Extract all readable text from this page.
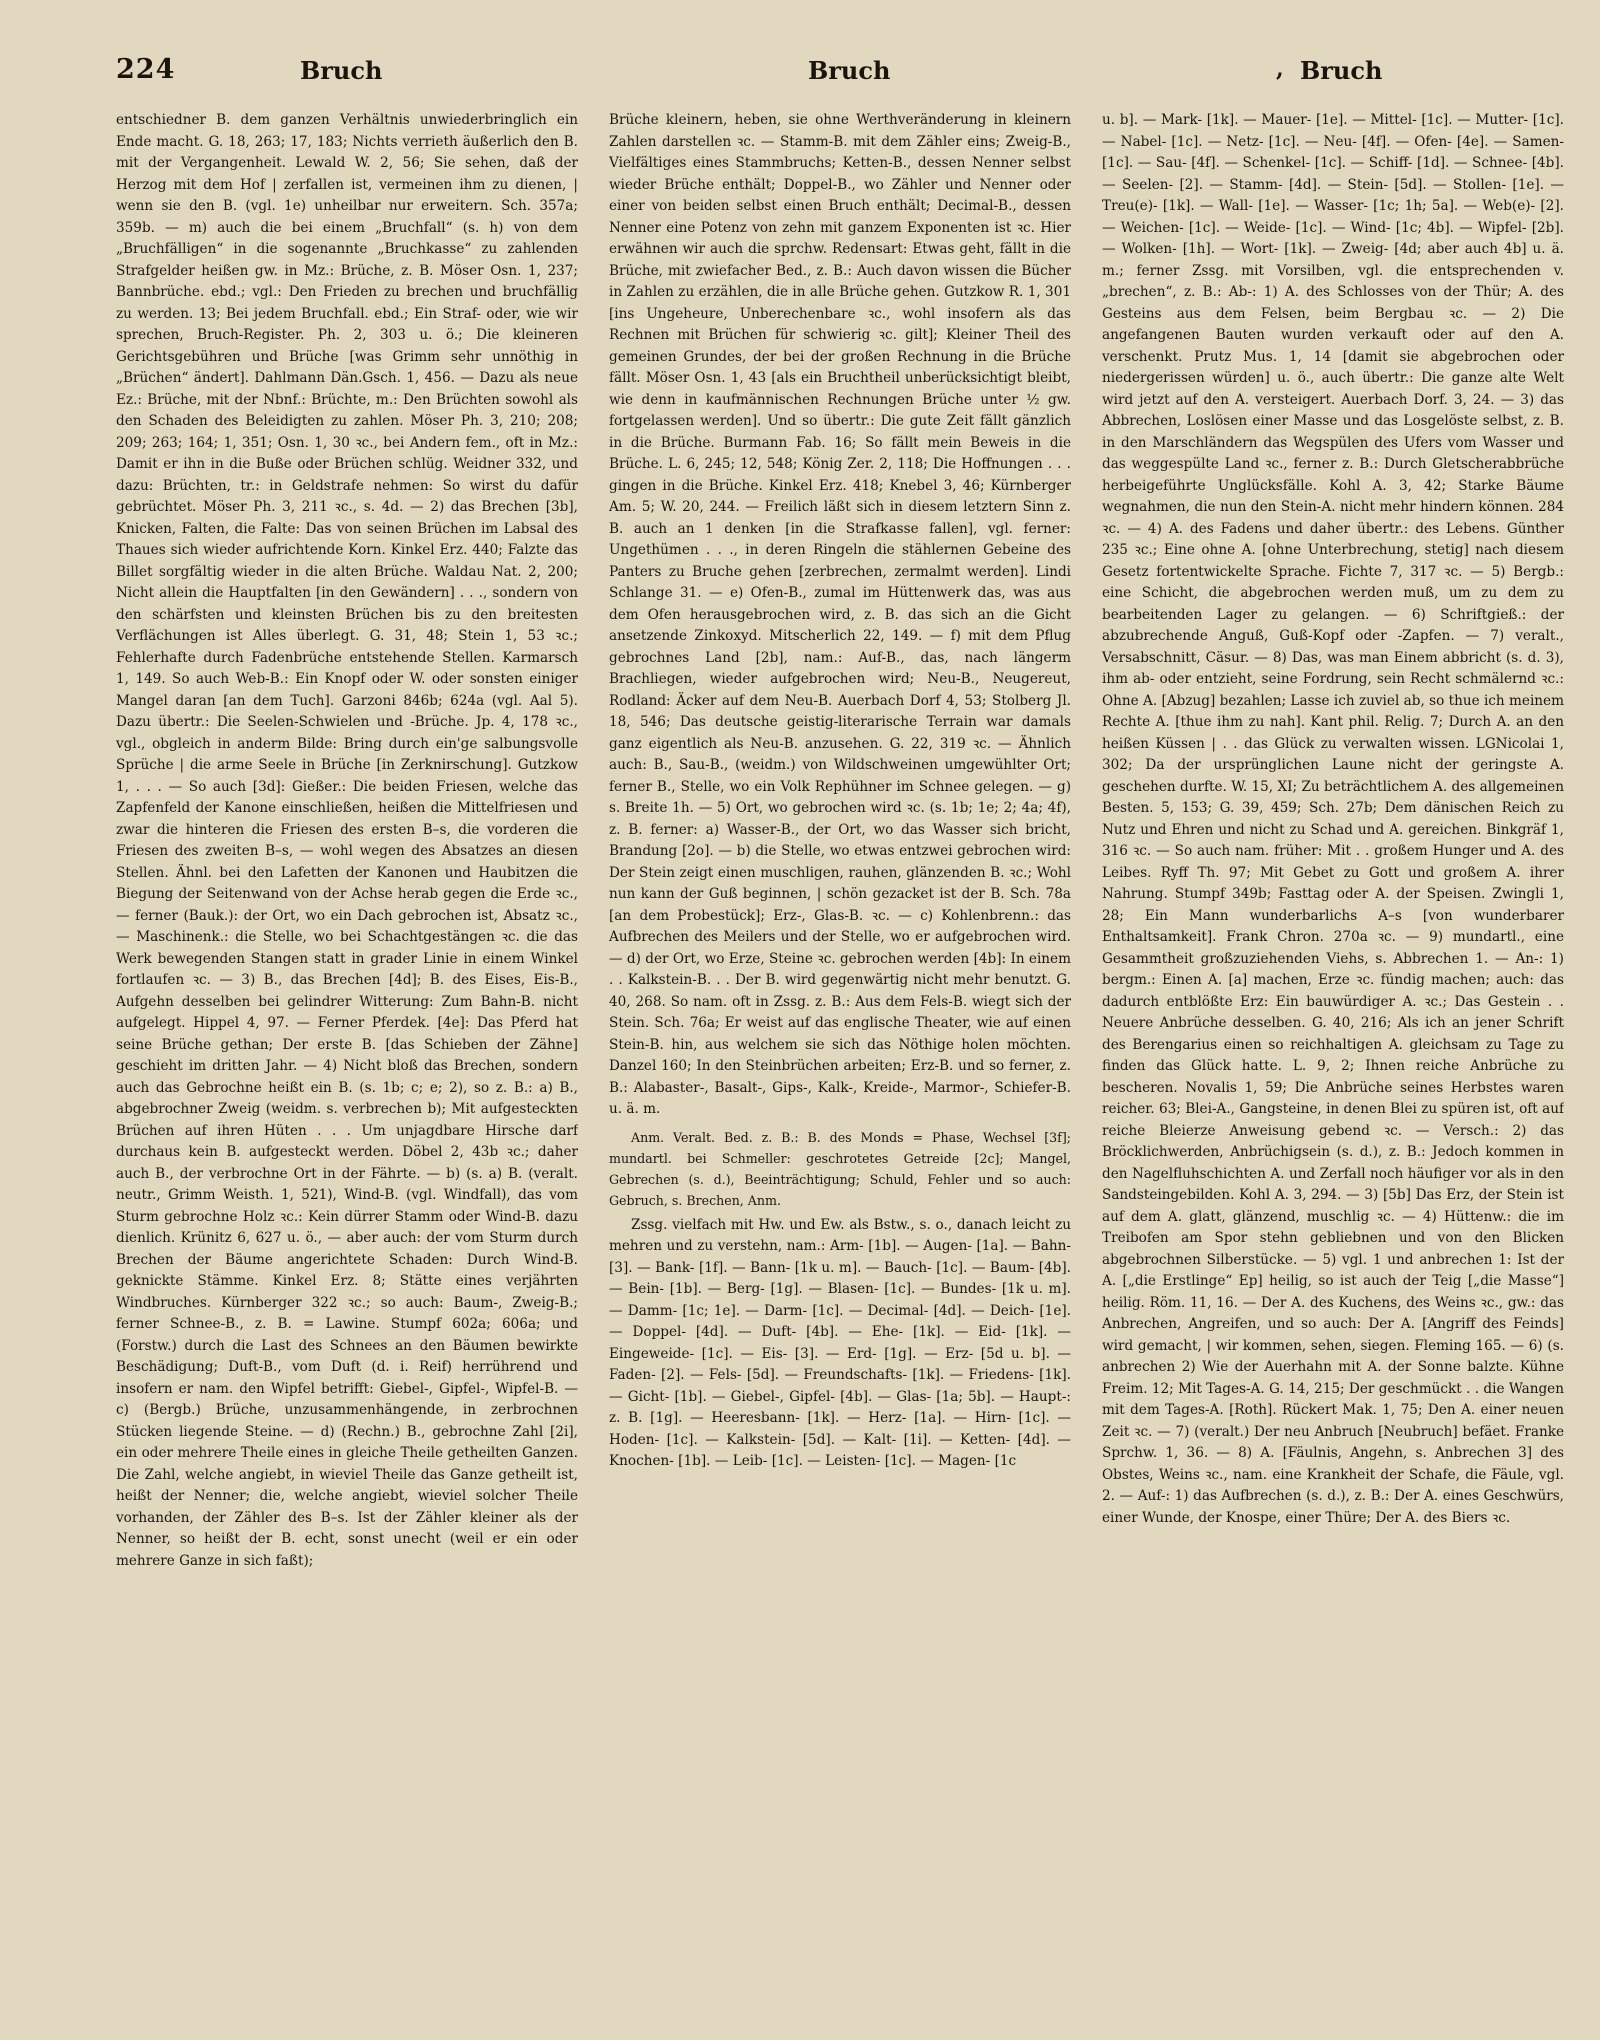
224	Bruch	Bruch	, Bruch

entschiedner B. dem ganzen Verhältnis unwiederbringlich ein Ende macht. G. 18, 263; 17, 183; Nichts verrieth äußerlich den B. mit der Vergangenheit. Lewald W. 2, 56; Sie sehen, daß der Herzog mit dem Hof | zerfallen ist, vermeinen ihm zu dienen, | wenn sie den B. (vgl. 1e) unheilbar nur erweitern. Sch. 357a; 359b. — m) auch die bei einem „Bruchfall“ (s. h) von dem „Bruchfälligen“ in die sogenannte „Bruchkasse“ zu zahlenden Strafgelder heißen gw. in Mz.: Brüche, z. B. Möser Osn. 1, 237; Bannbrüche. ebd.; vgl.: Den Frieden zu brechen und bruchfällig zu werden. 13; Bei jedem Bruchfall. ebd.; Ein Straf- oder, wie wir sprechen, Bruch-Register. Ph. 2, 303 u. ö.; Die kleineren Gerichtsgebühren und Brüche [was Grimm sehr unnöthig in „Brüchen“ ändert]. Dahlmann Dän.Gsch. 1, 456. — Dazu als neue Ez.: Brüche, mit der Nbnf.: Brüchte, m.: Den Brüchten sowohl als den Schaden des Beleidigten zu zahlen. Möser Ph. 3, 210; 208; 209; 263; 164; 1, 351; Osn. 1, 30 ꝛc., bei Andern fem., oft in Mz.: Damit er ihn in die Buße oder Brüchen schlüg. Weidner 332, und dazu: Brüchten, tr.: in Geldstrafe nehmen: So wirst du dafür gebrüchtet. Möser Ph. 3, 211 ꝛc., s. 4d. — 2) das Brechen [3b], Knicken, Falten, die Falte: Das von seinen Brüchen im Labsal des Thaues sich wieder aufrichtende Korn. Kinkel Erz. 440; Falzte das Billet sorgfältig wieder in die alten Brüche. Waldau Nat. 2, 200; Nicht allein die Hauptfalten [in den Gewändern] . . ., sondern von den schärfsten und kleinsten Brüchen bis zu den breitesten Verflächungen ist Alles überlegt. G. 31, 48; Stein 1, 53 ꝛc.; Fehlerhafte durch Fadenbrüche entstehende Stellen. Karmarsch 1, 149. So auch Web-B.: Ein Knopf oder W. oder sonsten einiger Mangel daran [an dem Tuch]. Garzoni 846b; 624a (vgl. Aal 5). Dazu übertr.: Die Seelen-Schwielen und -Brüche. Jp. 4, 178 ꝛc., vgl., obgleich in anderm Bilde: Bring durch ein'ge salbungsvolle Sprüche | die arme Seele in Brüche [in Zerknirschung]. Gutzkow 1, . . . — So auch [3d]: Gießer.: Die beiden Friesen, welche das Zapfenfeld der Kanone einschließen, heißen die Mittelfriesen und zwar die hinteren die Friesen des ersten B–s, die vorderen die Friesen des zweiten B–s, — wohl wegen des Absatzes an diesen Stellen. Ähnl. bei den Lafetten der Kanonen und Haubitzen die Biegung der Seitenwand von der Achse herab gegen die Erde ꝛc., — ferner (Bauk.): der Ort, wo ein Dach gebrochen ist, Absatz ꝛc., — Maschinenk.: die Stelle, wo bei Schachtgestängen ꝛc. die das Werk bewegenden Stangen statt in grader Linie in einem Winkel fortlaufen ꝛc. — 3) B., das Brechen [4d]; B. des Eises, Eis-B., Aufgehn desselben bei gelindrer Witterung: Zum Bahn-B. nicht aufgelegt. Hippel 4, 97. — Ferner Pferdek. [4e]: Das Pferd hat seine Brüche gethan; Der erste B. [das Schieben der Zähne] geschieht im dritten Jahr. — 4) Nicht bloß das Brechen, sondern auch das Gebrochne heißt ein B. (s. 1b; c; e; 2), so z. B.: a) B., abgebrochner Zweig (weidm. s. verbrechen b); Mit aufgesteckten Brüchen auf ihren Hüten . . . Um unjagdbare Hirsche darf durchaus kein B. aufgesteckt werden. Döbel 2, 43b ꝛc.; daher auch B., der verbrochne Ort in der Fährte. — b) (s. a) B. (veralt. neutr., Grimm Weisth. 1, 521), Wind-B. (vgl. Windfall), das vom Sturm gebrochne Holz ꝛc.: Kein dürrer Stamm oder Wind-B. dazu dienlich. Krünitz 6, 627 u. ö., — aber auch: der vom Sturm durch Brechen der Bäume angerichtete Schaden: Durch Wind-B. geknickte Stämme. Kinkel Erz. 8; Stätte eines verjährten Windbruches. Kürnberger 322 ꝛc.; so auch: Baum-, Zweig-B.; ferner Schnee-B., z. B. = Lawine. Stumpf 602a; 606a; und (Forstw.) durch die Last des Schneeѕ an den Bäumen bewirkte Beschädigung; Duft-B., vom Duft (d. i. Reif) herrührend und insofern er nam. den Wipfel betrifft: Giebel-, Gipfel-, Wipfel-B. — c) (Bergb.) Brüche, unzusammenhängende, in zerbrochnen Stücken liegende Steine. — d) (Rechn.) B., gebrochne Zahl [2i], ein oder mehrere Theile eines in gleiche Theile getheilten Ganzen. Die Zahl, welche angiebt, in wieviel Theile das Ganze getheilt ist, heißt der Nenner; die, welche angiebt, wieviel solcher Theile vorhanden, der Zähler des B–s. Ist der Zähler kleiner als der Nenner, so heißt der B. echt, sonst unecht (weil er ein oder mehrere Ganze in sich faßt);

Brüche kleinern, heben, sie ohne Werthveränderung in kleinern Zahlen darstellen ꝛc. — Stamm-B. mit dem Zähler eins; Zweig-B., Vielfältiges eines Stammbruchs; Ketten-B., dessen Nenner selbst wieder Brüche enthält; Doppel-B., wo Zähler und Nenner oder einer von beiden selbst einen Bruch enthält; Decimal-B., dessen Nenner eine Potenz von zehn mit ganzem Exponenten ist ꝛc. Hier erwähnen wir auch die sprchw. Redensart: Etwas geht, fällt in die Brüche, mit zwiefacher Bed., z. B.: Auch davon wissen die Bücher in Zahlen zu erzählen, die in alle Brüche gehen. Gutzkow R. 1, 301 [ins Ungeheure, Unberechenbare ꝛc., wohl insofern als das Rechnen mit Brüchen für schwierig ꝛc. gilt]; Kleiner Theil des gemeinen Grundes, der bei der großen Rechnung in die Brüche fällt. Möser Osn. 1, 43 [als ein Bruchtheil unberücksichtigt bleibt, wie denn in kaufmännischen Rechnungen Brüche unter ½ gw. fortgelassen werden]. Und so übertr.: Die gute Zeit fällt gänzlich in die Brüche. Burmann Fab. 16; So fällt mein Beweis in die Brüche. L. 6, 245; 12, 548; König Zer. 2, 118; Die Hoffnungen . . . gingen in die Brüche. Kinkel Erz. 418; Knebel 3, 46; Kürnberger Am. 5; W. 20, 244. — Freilich läßt sich in diesem letztern Sinn z. B. auch an 1 denken [in die Strafkasse fallen], vgl. ferner: Ungethümen . . ., in deren Ringeln die stählernen Gebeine des Panters zu Bruche gehen [zerbrechen, zermalmt werden]. Lindi Schlange 31. — e) Ofen-B., zumal im Hüttenwerk das, was aus dem Ofen herausgebrochen wird, z. B. das sich an die Gicht ansetzende Zinkoxyd. Mitscherlich 22, 149. — f) mit dem Pflug gebrochnes Land [2b], nam.: Auf-B., das, nach längerm Brachliegen, wieder aufgebrochen wird; Neu-B., Neugereut, Rodland: Äcker auf dem Neu-B. Auerbach Dorf 4, 53; Stolberg Jl. 18, 546; Das deutsche geistig-literarische Terrain war damals ganz eigentlich als Neu-B. anzusehen. G. 22, 319 ꝛc. — Ähnlich auch: B., Sau-B., (weidm.) von Wildschweinen umgewühlter Ort; ferner B., Stelle, wo ein Volk Rephühner im Schnee gelegen. — g) s. Breite 1h. — 5) Ort, wo gebrochen wird ꝛc. (s. 1b; 1e; 2; 4a; 4f), z. B. ferner: a) Wasser-B., der Ort, wo das Wasser sich bricht, Brandung [2o]. — b) die Stelle, wo etwas entzwei gebrochen wird: Der Stein zeigt einen muschligen, rauhen, glänzenden B. ꝛc.; Wohl nun kann der Guß beginnen, | schön gezacket ist der B. Sch. 78a [an dem Probestück]; Erz-, Glas-B. ꝛc. — c) Kohlenbrenn.: das Aufbrechen des Meilers und der Stelle, wo er aufgebrochen wird. — d) der Ort, wo Erze, Steine ꝛc. gebrochen werden [4b]: In einem . . Kalkstein-B. . . Der B. wird gegenwärtig nicht mehr benutzt. G. 40, 268. So nam. oft in Zssg. z. B.: Aus dem Fels-B. wiegt sich der Stein. Sch. 76a; Er weist auf das englische Theater, wie auf einen Stein-B. hin, aus welchem sie sich das Nöthige holen möchten. Danzel 160; In den Steinbrüchen arbeiten; Erz-B. und so ferner, z. B.: Alabaster-, Basalt-, Gips-, Kalk-, Kreide-, Marmor-, Schiefer-B. u. ä. m.

Anm. Veralt. Bed. z. B.: B. des Monds = Phase, Wechsel [3f]; mundartl. bei Schmeller: geschrotetes Getreide [2c]; Mangel, Gebrechen (s. d.), Beeinträchtigung; Schuld, Fehler und so auch: Gebruch, s. Brechen, Anm.

Zssg. vielfach mit Hw. und Ew. als Bstw., s. o., danach leicht zu mehren und zu verstehn, nam.: Arm- [1b]. — Augen- [1a]. — Bahn- [3]. — Bank- [1f]. — Bann- [1k u. m]. — Bauch- [1c]. — Baum- [4b]. — Bein- [1b]. — Berg- [1g]. — Blasen- [1c]. — Bundes- [1k u. m]. — Damm- [1c; 1e]. — Darm- [1c]. — Decimal- [4d]. — Deich- [1e]. — Doppel- [4d]. — Duft- [4b]. — Ehe- [1k]. — Eid- [1k]. — Eingeweide- [1c]. — Eis- [3]. — Erd- [1g]. — Erz- [5d u. b]. — Faden- [2]. — Fels- [5d]. — Freundschafts- [1k]. — Friedens- [1k]. — Gicht- [1b]. — Giebel-, Gipfel- [4b]. — Glas- [1a; 5b]. — Haupt-: z. B. [1g]. — Heeresbann- [1k]. — Herz- [1a]. — Hirn- [1c]. — Hoden- [1c]. — Kalkstein- [5d]. — Kalt- [1i]. — Ketten- [4d]. — Knochen- [1b]. — Leib- [1c]. — Leisten- [1c]. — Magen- [1c

u. b]. — Mark- [1k]. — Mauer- [1e]. — Mittel- [1c]. — Mutter- [1c]. — Nabel- [1c]. — Netz- [1c]. — Neu- [4f]. — Ofen- [4e]. — Samen- [1c]. — Sau- [4f]. — Schenkel- [1c]. — Schiff- [1d]. — Schnee- [4b]. — Seelen- [2]. — Stamm- [4d]. — Stein- [5d]. — Stollen- [1e]. — Treu(e)- [1k]. — Wall- [1e]. — Wasser- [1c; 1h; 5a]. — Web(e)- [2]. — Weichen- [1c]. — Weide- [1c]. — Wind- [1c; 4b]. — Wipfel- [2b]. — Wolken- [1h]. — Wort- [1k]. — Zweig- [4d; aber auch 4b] u. ä. m.; ferner Zssg. mit Vorsilben, vgl. die entsprechenden v. „brechen“, z. B.: Ab-: 1) A. des Schlosses von der Thür; A. des Gesteins aus dem Felsen, beim Bergbau ꝛc. — 2) Die angefangenen Bauten wurden verkauft oder auf den A. verschenkt. Prutz Mus. 1, 14 [damit sie abgebrochen oder niedergerissen würden] u. ö., auch übertr.: Die ganze alte Welt wird jetzt auf den A. versteigert. Auerbach Dorf. 3, 24. — 3) das Abbrechen, Loslösen einer Masse und das Losgelöste selbst, z. B. in den Marschländern das Wegspülen des Ufers vom Wasser und das weggespülte Land ꝛc., ferner z. B.: Durch Gletscherabbrüche herbeigeführte Unglücksfälle. Kohl A. 3, 42; Starke Bäume wegnahmen, die nun den Stein-A. nicht mehr hindern können. 284 ꝛc. — 4) A. des Fadens und daher übertr.: des Lebens. Günther 235 ꝛc.; Eine ohne A. [ohne Unterbrechung, stetig] nach diesem Gesetz fortentwickelte Sprache. Fichte 7, 317 ꝛc. — 5) Bergb.: eine Schicht, die abgebrochen werden muß, um zu dem zu bearbeitenden Lager zu gelangen. — 6) Schriftgieß.: der abzubrechende Anguß, Guß-Kopf oder -Zapfen. — 7) veralt., Versabschnitt, Cäsur. — 8) Das, was man Einem abbricht (s. d. 3), ihm ab- oder entzieht, seine Fordrung, sein Recht schmälernd ꝛc.: Ohne A. [Abzug] bezahlen; Lasse ich zuviel ab, so thue ich meinem Rechte A. [thue ihm zu nah]. Kant phil. Relig. 7; Durch A. an den heißen Küssen | . . das Glück zu verwalten wissen. LGNicolai 1, 302; Da der ursprünglichen Laune nicht der geringste A. geschehen durfte. W. 15, XI; Zu beträchtlichem A. des allgemeinen Besten. 5, 153; G. 39, 459; Sch. 27b; Dem dänischen Reich zu Nutz und Ehren und nicht zu Schad und A. gereichen. Binkgräf 1, 316 ꝛc. — So auch nam. früher: Mit . . großem Hunger und A. des Leibes. Ryff Th. 97; Mit Gebet zu Gott und großem A. ihrer Nahrung. Stumpf 349b; Fasttag oder A. der Speisen. Zwingli 1, 28; Ein Mann wunderbarlichs A–s [von wunderbarer Enthaltsamkeit]. Frank Chron. 270a ꝛc. — 9) mundartl., eine Gesammtheit großzuziehenden Viehs, s. Abbrechen 1. — An-: 1) bergm.: Einen A. [a] machen, Erze ꝛc. fündig machen; auch: das dadurch entblößte Erz: Ein bauwürdiger A. ꝛc.; Das Gestein . . Neuere Anbrüche desselben. G. 40, 216; Als ich an jener Schrift des Berengarius einen so reichhaltigen A. gleichsam zu Tage zu finden das Glück hatte. L. 9, 2; Ihnen reiche Anbrüche zu bescheren. Novalis 1, 59; Die Anbrüche seines Herbstes waren reicher. 63; Blei-A., Gangsteine, in denen Blei zu spüren ist, oft auf reiche Bleierze Anweisung gebend ꝛc. — Versch.: 2) das Bröcklichwerden, Anbrüchigsein (s. d.), z. B.: Jedoch kommen in den Nagelfluhschichten A. und Zerfall noch häufiger vor als in den Sandsteingebilden. Kohl A. 3, 294. — 3) [5b] Das Erz, der Stein ist auf dem A. glatt, glänzend, muschlig ꝛc. — 4) Hüttenw.: die im Treibofen am Spor stehn gebliebnen und von den Blicken abgebrochnen Silberstücke. — 5) vgl. 1 und anbrechen 1: Ist der A. [„die Erstlinge“ Ep] heilig, so ist auch der Teig [„die Masse“] heilig. Röm. 11, 16. — Der A. des Kuchens, des Weins ꝛc., gw.: das Anbrechen, Angreifen, und so auch: Der A. [Angriff des Feinds] wird gemacht, | wir kommen, sehen, siegen. Fleming 165. — 6) (s. anbrechen 2) Wie der Auerhahn mit A. der Sonne balzte. Kühne Freim. 12; Mit Tages-A. G. 14, 215; Der geschmückt . . die Wangen mit dem Tages-A. [Roth]. Rückert Mak. 1, 75; Den A. einer neuen Zeit ꝛc. — 7) (veralt.) Der neu Anbruch [Neubruch] befäet. Franke Sprchw. 1, 36. — 8) A. [Fäulnis, Angehn, s. Anbrechen 3] des Obstes, Weins ꝛc., nam. eine Krankheit der Schafe, die Fäule, vgl. 2. — Auf-: 1) das Aufbrechen (s. d.), z. B.: Der A. eines Geschwürs, einer Wunde, der Knospe, einer Thüre; Der A. des Biers ꝛc.
